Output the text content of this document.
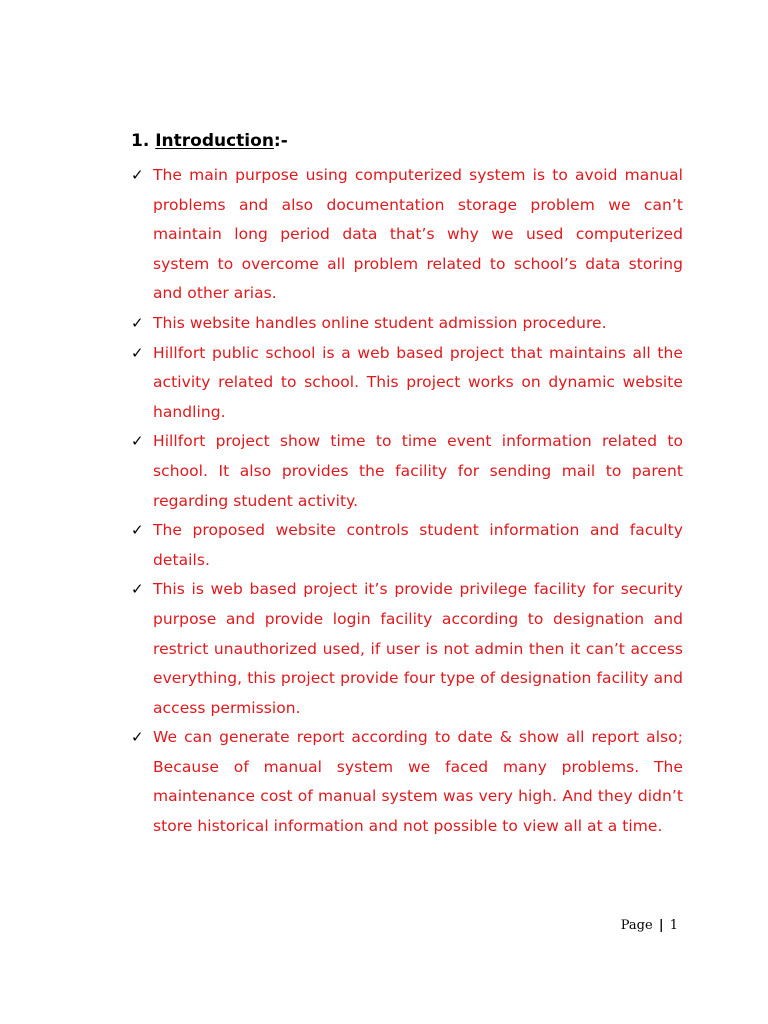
1. Introduction:-
✓ The main purpose using computerized system is to avoid manual problems and also documentation storage problem we can’t maintain long period data that’s why we used computerized system to overcome all problem related to school’s data storing and other arias.
✓ This website handles online student admission procedure.
✓ Hillfort public school is a web based project that maintains all the activity related to school. This project works on dynamic website handling.
✓ Hillfort project show time to time event information related to school. It also provides the facility for sending mail to parent regarding student activity.
✓ The proposed website controls student information and faculty details.
✓ This is web based project it’s provide privilege facility for security purpose and provide login facility according to designation and restrict unauthorized used, if user is not admin then it can’t access everything, this project provide four type of designation facility and access permission.
✓ We can generate report according to date & show all report also; Because of manual system we faced many problems. The maintenance cost of manual system was very high. And they didn’t store historical information and not possible to view all at a time.
Page | 1
